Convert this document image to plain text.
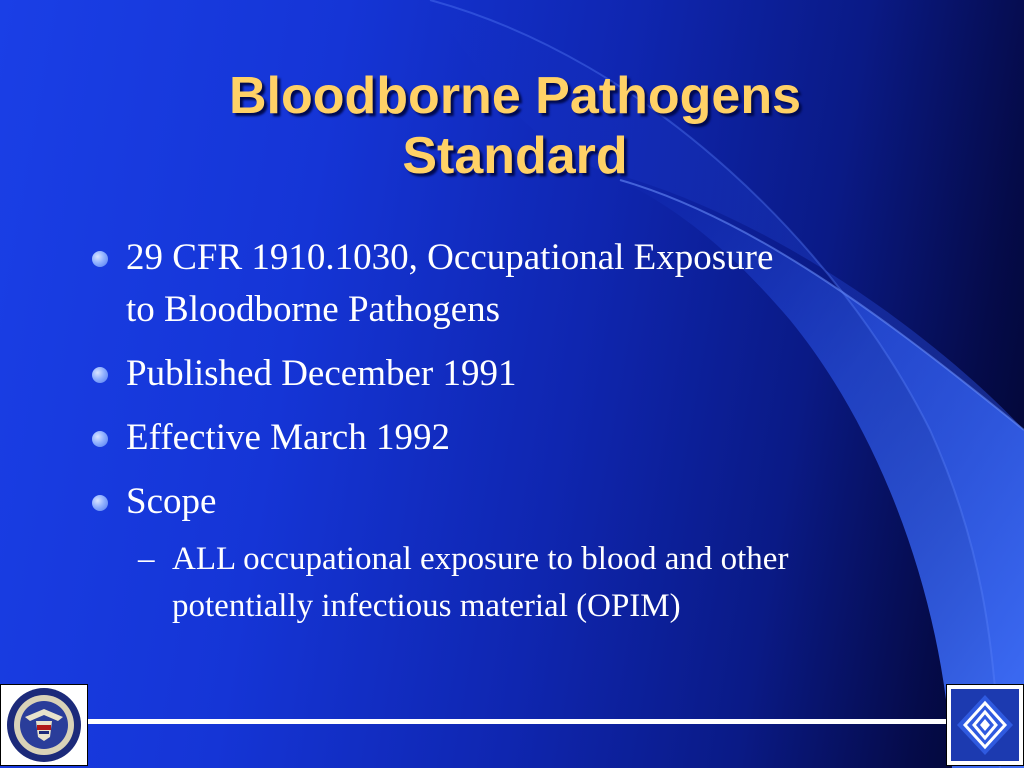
Bloodborne Pathogens
Standard
29 CFR 1910.1030, Occupational Exposure
to Bloodborne Pathogens
Published December 1991
Effective March 1992
Scope
– ALL occupational exposure to blood and other
potentially infectious material (OPIM)
